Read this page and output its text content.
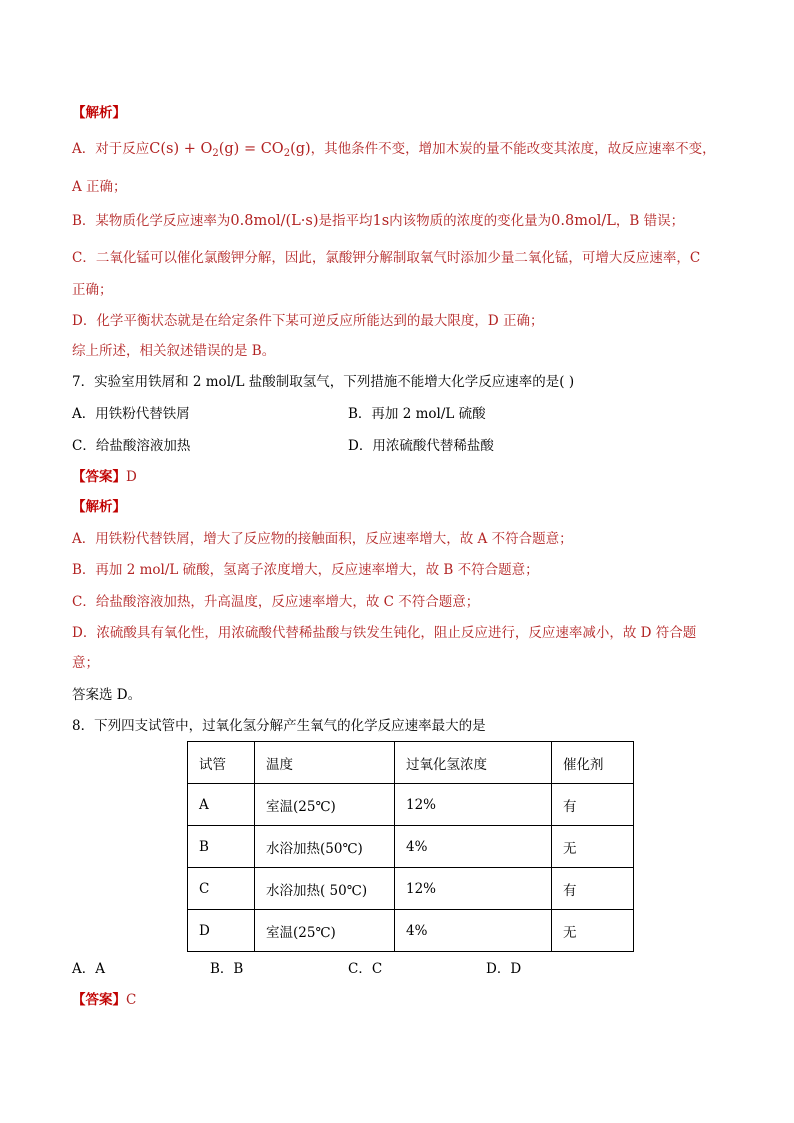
【解析】
A．对于反应$C(s) + O_2(g) = CO_2(g)$，其他条件不变，增加木炭的量不能改变其浓度，故反应速率不变，
A 正确；
B．某物质化学反应速率为0.8mol/(L·s)是指平均1s内该物质的浓度的变化量为0.8mol/L，B 错误；
C．二氧化锰可以催化氯酸钾分解，因此，氯酸钾分解制取氧气时添加少量二氧化锰，可增大反应速率，C
正确；
D．化学平衡状态就是在给定条件下某可逆反应所能达到的最大限度，D 正确；
综上所述，相关叙述错误的是 B。
7．实验室用铁屑和 2 mol/L 盐酸制取氢气，下列措施不能增大化学反应速率的是( )
A．用铁粉代替铁屑	B．再加 2 mol/L 硫酸
C．给盐酸溶液加热	D．用浓硫酸代替稀盐酸
【答案】D
【解析】
A．用铁粉代替铁屑，增大了反应物的接触面积，反应速率增大，故 A 不符合题意；
B．再加 2 mol/L 硫酸，氢离子浓度增大，反应速率增大，故 B 不符合题意；
C．给盐酸溶液加热，升高温度，反应速率增大，故 C 不符合题意；
D．浓硫酸具有氧化性，用浓硫酸代替稀盐酸与铁发生钝化，阻止反应进行，反应速率减小，故 D 符合题
意；
答案选 D。
8．下列四支试管中，过氧化氢分解产生氧气的化学反应速率最大的是
试管	温度	过氧化氢浓度	催化剂
A	室温(25℃)	12%	有
B	水浴加热(50℃)	4%	无
C	水浴加热( 50℃)	12%	有
D	室温(25℃)	4%	无
A．A	B．B	C．C	D．D
【答案】C
